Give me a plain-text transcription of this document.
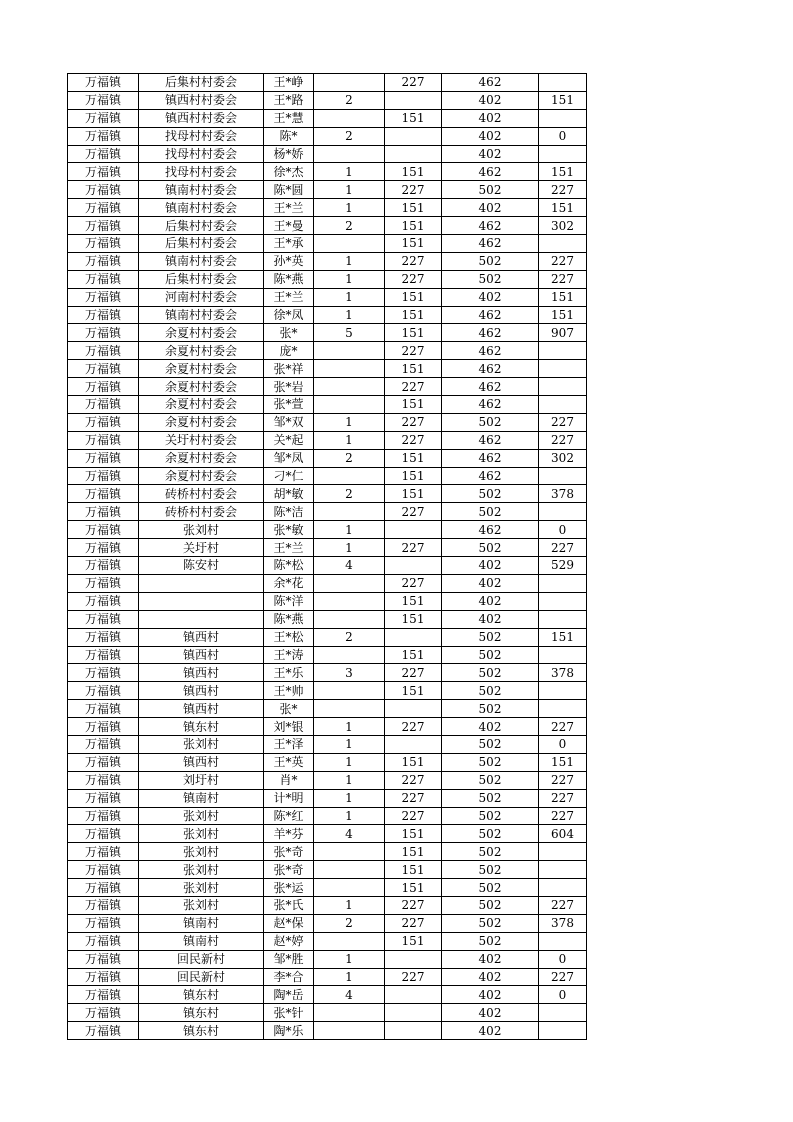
万福镇	后集村村委会	王*峥		227	462	
万福镇	镇西村村委会	王*路	2		402	151
万福镇	镇西村村委会	王*慧		151	402	
万福镇	找母村村委会	陈*	2		402	0
万福镇	找母村村委会	杨*娇			402	
万福镇	找母村村委会	徐*杰	1	151	462	151
万福镇	镇南村村委会	陈*圆	1	227	502	227
万福镇	镇南村村委会	王*兰	1	151	402	151
万福镇	后集村村委会	王*曼	2	151	462	302
万福镇	后集村村委会	王*承		151	462	
万福镇	镇南村村委会	孙*英	1	227	502	227
万福镇	后集村村委会	陈*燕	1	227	502	227
万福镇	河南村村委会	王*兰	1	151	402	151
万福镇	镇南村村委会	徐*凤	1	151	462	151
万福镇	余夏村村委会	张*	5	151	462	907
万福镇	余夏村村委会	庞*		227	462	
万福镇	余夏村村委会	张*祥		151	462	
万福镇	余夏村村委会	张*岩		227	462	
万福镇	余夏村村委会	张*萱		151	462	
万福镇	余夏村村委会	邹*双	1	227	502	227
万福镇	关圩村村委会	关*起	1	227	462	227
万福镇	余夏村村委会	邹*凤	2	151	462	302
万福镇	余夏村村委会	刁*仁		151	462	
万福镇	砖桥村村委会	胡*敏	2	151	502	378
万福镇	砖桥村村委会	陈*洁		227	502	
万福镇	张刘村	张*敏	1		462	0
万福镇	关圩村	王*兰	1	227	502	227
万福镇	陈安村	陈*松	4		402	529
万福镇		余*花		227	402	
万福镇		陈*洋		151	402	
万福镇		陈*燕		151	402	
万福镇	镇西村	王*松	2		502	151
万福镇	镇西村	王*涛		151	502	
万福镇	镇西村	王*乐	3	227	502	378
万福镇	镇西村	王*帅		151	502	
万福镇	镇西村	张*			502	
万福镇	镇东村	刘*银	1	227	402	227
万福镇	张刘村	王*泽	1		502	0
万福镇	镇西村	王*英	1	151	502	151
万福镇	刘圩村	肖*	1	227	502	227
万福镇	镇南村	计*明	1	227	502	227
万福镇	张刘村	陈*红	1	227	502	227
万福镇	张刘村	羊*芬	4	151	502	604
万福镇	张刘村	张*奇		151	502	
万福镇	张刘村	张*奇		151	502	
万福镇	张刘村	张*运		151	502	
万福镇	张刘村	张*氏	1	227	502	227
万福镇	镇南村	赵*保	2	227	502	378
万福镇	镇南村	赵*婷		151	502	
万福镇	回民新村	邹*胜	1		402	0
万福镇	回民新村	李*合	1	227	402	227
万福镇	镇东村	陶*岳	4		402	0
万福镇	镇东村	张*针			402	
万福镇	镇东村	陶*乐			402	
